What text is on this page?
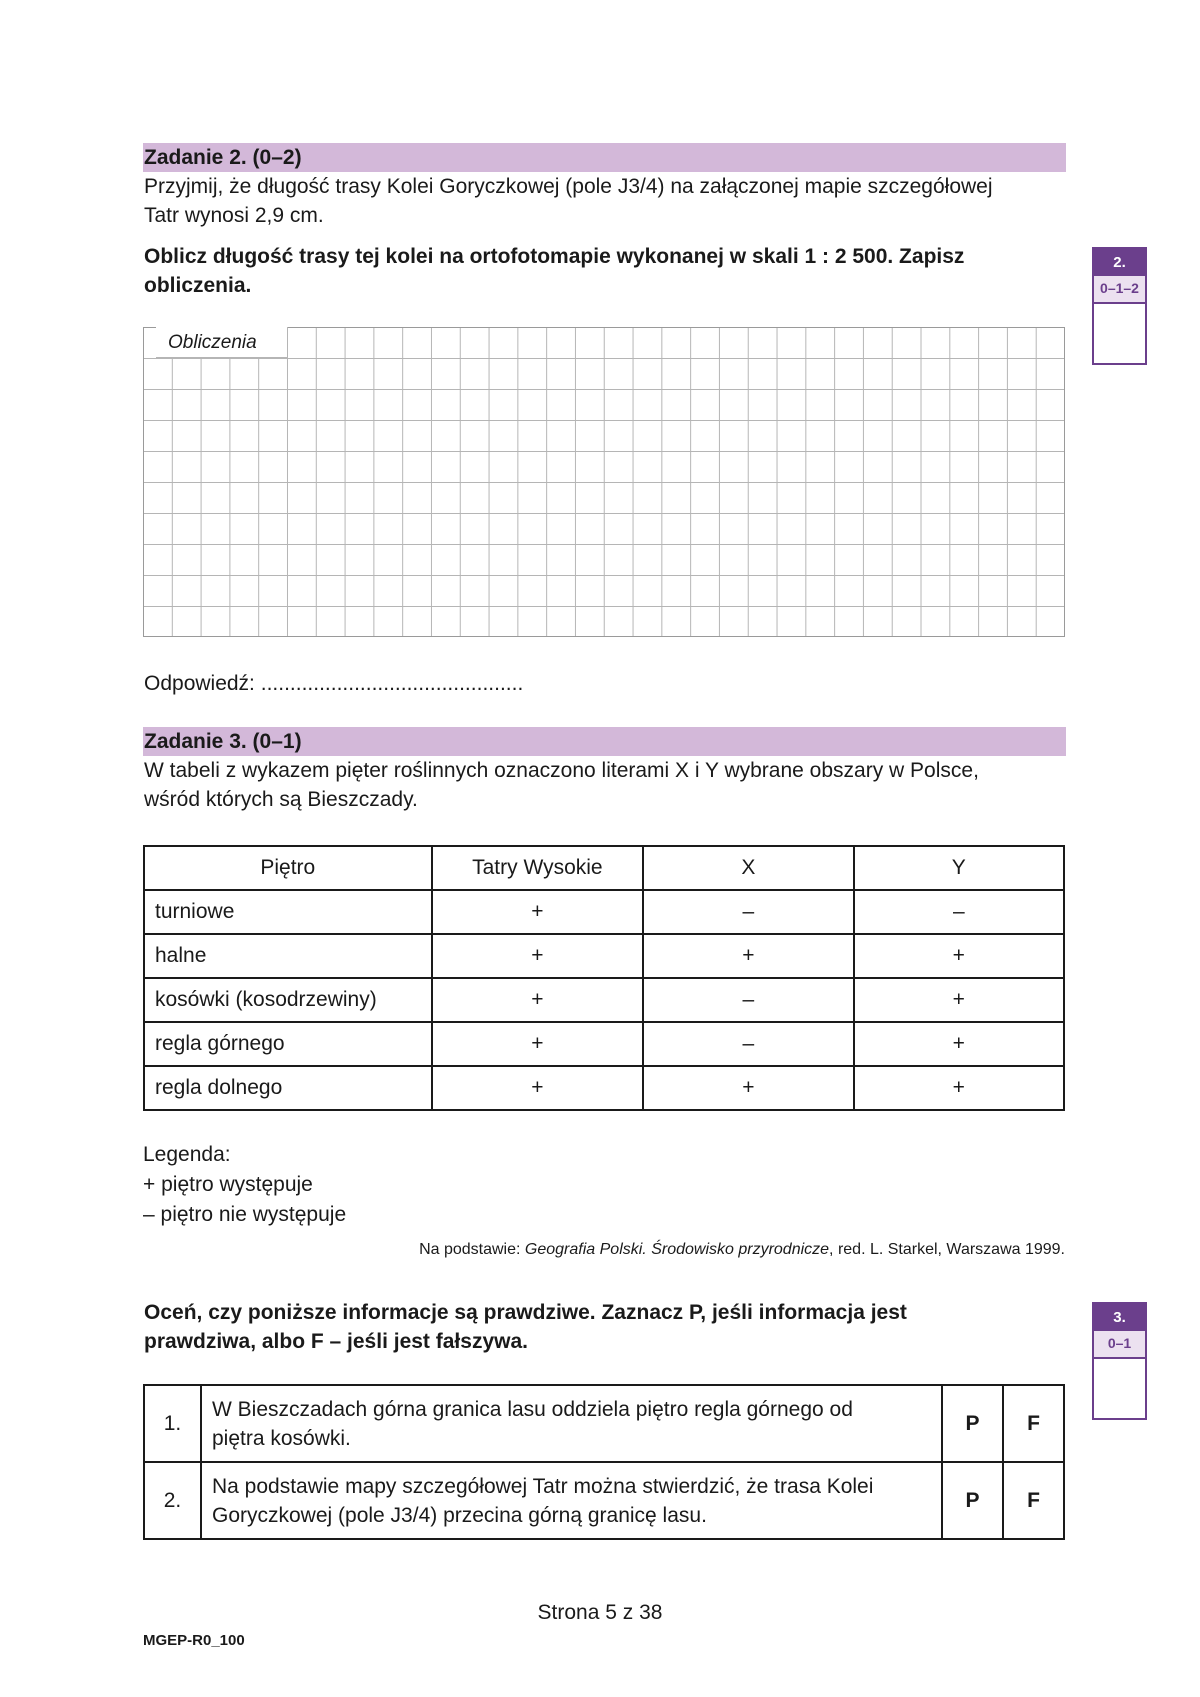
Zadanie 2. (0–2)
Przyjmij, że długość trasy Kolei Goryczkowej (pole J3/4) na załączonej mapie szczegółowej
Tatr wynosi 2,9 cm.
Oblicz długość trasy tej kolei na ortofotomapie wykonanej w skali 1 : 2 500. Zapisz
obliczenia.
2.
0–1–2
Obliczenia
Odpowiedź: .............................................
Zadanie 3. (0–1)
W tabeli z wykazem pięter roślinnych oznaczono literami X i Y wybrane obszary w Polsce,
wśród których są Bieszczady.
Piętro	Tatry Wysokie	X	Y
turniowe	+	–	–
halne	+	+	+
kosówki (kosodrzewiny)	+	–	+
regla górnego	+	–	+
regla dolnego	+	+	+
Legenda:
+ piętro występuje
– piętro nie występuje
Na podstawie: Geografia Polski. Środowisko przyrodnicze, red. L. Starkel, Warszawa 1999.
Oceń, czy poniższe informacje są prawdziwe. Zaznacz P, jeśli informacja jest
prawdziwa, albo F – jeśli jest fałszywa.
3.
0–1
1.	W Bieszczadach górna granica lasu oddziela piętro regla górnego od
piętra kosówki.	P	F
2.	Na podstawie mapy szczegółowej Tatr można stwierdzić, że trasa Kolei
Goryczkowej (pole J3/4) przecina górną granicę lasu.	P	F
Strona 5 z 38
MGEP-R0_100
